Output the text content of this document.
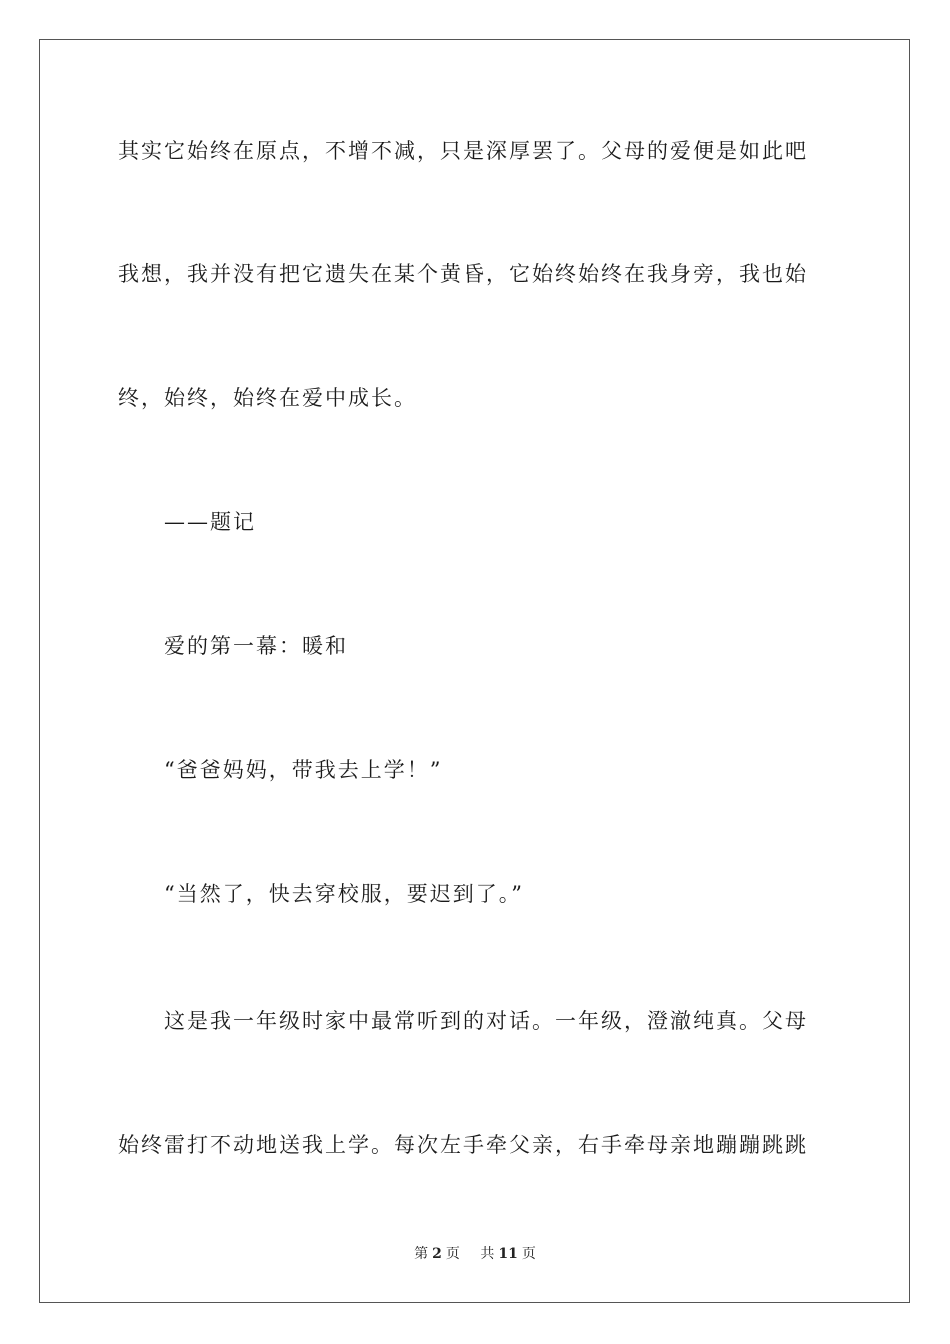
其实它始终在原点，不增不减，只是深厚罢了。父母的爱便是如此吧
我想，我并没有把它遗失在某个黄昏，它始终始终在我身旁，我也始
终，始终，始终在爱中成长。
——题记
爱的第一幕：暖和
“爸爸妈妈，带我去上学！”
“当然了，快去穿校服，要迟到了。”
这是我一年级时家中最常听到的对话。一年级，澄澈纯真。父母
始终雷打不动地送我上学。每次左手牵父亲，右手牵母亲地蹦蹦跳跳
第 2 页 共 11 页
